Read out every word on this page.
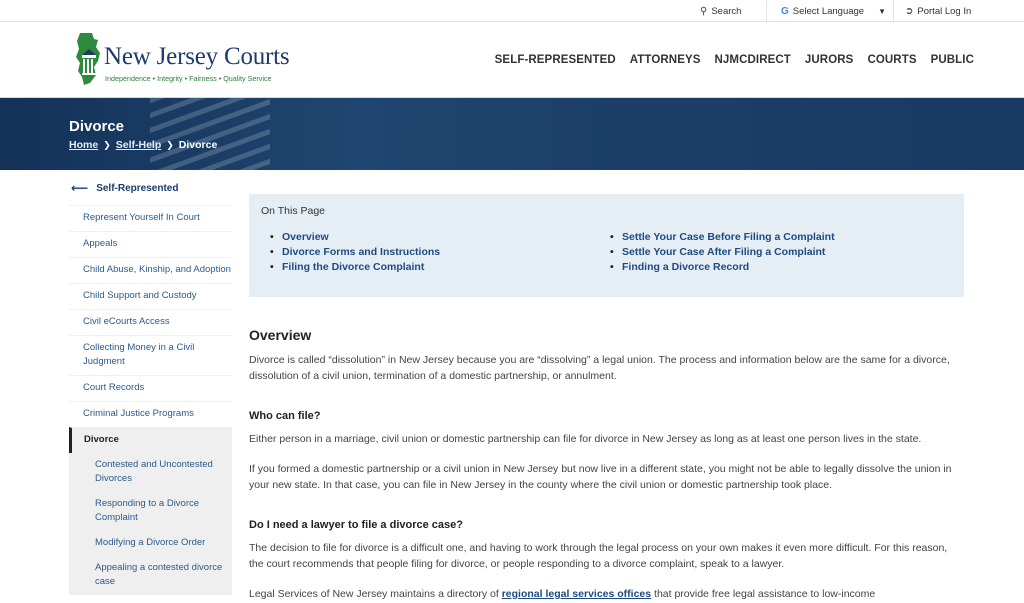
⚲ Search	G Select Language ▼ ➲ Portal Log In
New Jersey Courts
Independence • Integrity • Fairness • Quality Service
SELF-REPRESENTED ATTORNEYS NJMCDIRECT JURORS COURTS PUBLIC
Divorce
Home ❯ Self-Help ❯ Divorce
⟵ Self-Represented
Represent Yourself In Court
Appeals
Child Abuse, Kinship, and Adoption
Child Support and Custody
Civil eCourts Access
Collecting Money in a Civil Judgment
Court Records
Criminal Justice Programs
Divorce
Contested and Uncontested Divorces
Responding to a Divorce Complaint
Modifying a Divorce Order
Appealing a contested divorce case
On This Page
• Overview
• Divorce Forms and Instructions
• Filing the Divorce Complaint
• Settle Your Case Before Filing a Complaint
• Settle Your Case After Filing a Complaint
• Finding a Divorce Record
Overview

Divorce is called “dissolution” in New Jersey because you are “dissolving” a legal union. The process and information below are the same for a divorce, dissolution of a civil union, termination of a domestic partnership, or annulment.

Who can file?

Either person in a marriage, civil union or domestic partnership can file for divorce in New Jersey as long as at least one person lives in the state.

If you formed a domestic partnership or a civil union in New Jersey but now live in a different state, you might not be able to legally dissolve the union in your new state. In that case, you can file in New Jersey in the county where the civil union or domestic partnership took place.

Do I need a lawyer to file a divorce case?

The decision to file for divorce is a difficult one, and having to work through the legal process on your own makes it even more difficult. For this reason, the court recommends that people filing for divorce, or people responding to a divorce complaint, speak to a lawyer.

Legal Services of New Jersey maintains a directory of regional legal services offices that provide free legal assistance to low-income
